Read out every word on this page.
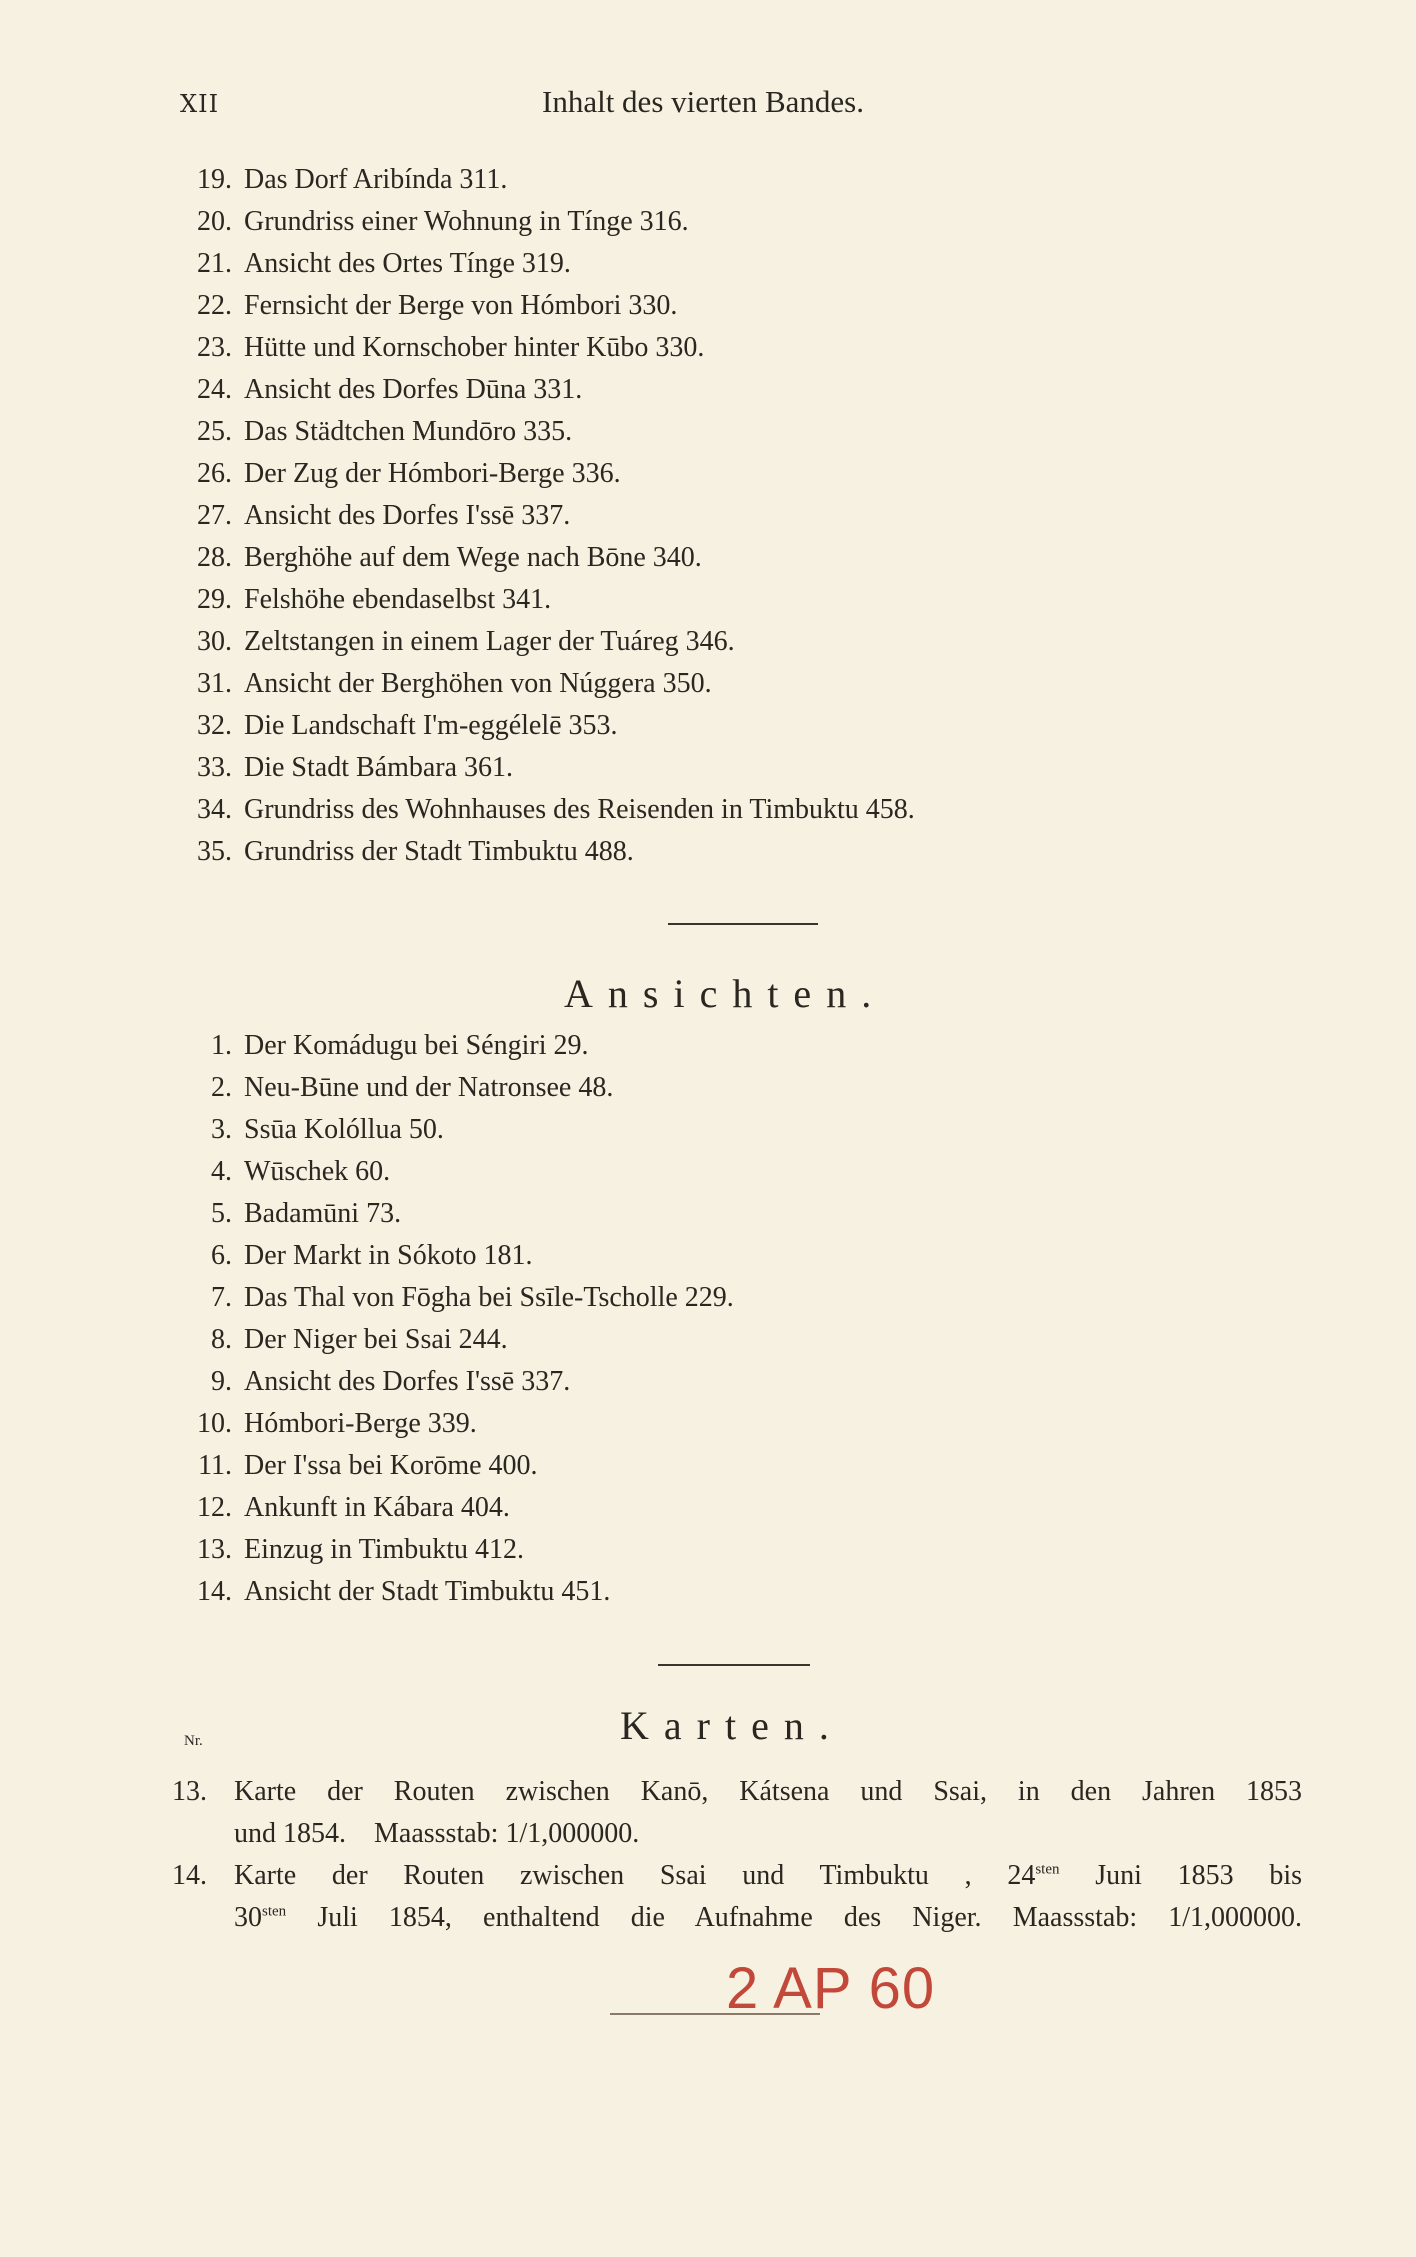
XII	Inhalt des vierten Bandes.
19. Das Dorf Aribínda 311.
20. Grundriss einer Wohnung in Tínge 316.
21. Ansicht des Ortes Tínge 319.
22. Fernsicht der Berge von Hómbori 330.
23. Hütte und Kornschober hinter Kūbo 330.
24. Ansicht des Dorfes Dūna 331.
25. Das Städtchen Mundōro 335.
26. Der Zug der Hómbori-Berge 336.
27. Ansicht des Dorfes I'ssē 337.
28. Berghöhe auf dem Wege nach Bōne 340.
29. Felshöhe ebendaselbst 341.
30. Zeltstangen in einem Lager der Tuáreg 346.
31. Ansicht der Berghöhen von Núggera 350.
32. Die Landschaft I'm-eggélelē 353.
33. Die Stadt Bámbara 361.
34. Grundriss des Wohnhauses des Reisenden in Timbuktu 458.
35. Grundriss der Stadt Timbuktu 488.
Ansichten.
1. Der Komádugu bei Séngiri 29.
2. Neu-Būne und der Natronsee 48.
3. Ssūa Kolóllua 50.
4. Wūschek 60.
5. Badamūni 73.
6. Der Markt in Sókoto 181.
7. Das Thal von Fōgha bei Ssīle-Tscholle 229.
8. Der Niger bei Ssai 244.
9. Ansicht des Dorfes I'ssē 337.
10. Hómbori-Berge 339.
11. Der I'ssa bei Korōme 400.
12. Ankunft in Kábara 404.
13. Einzug in Timbuktu 412.
14. Ansicht der Stadt Timbuktu 451.
Nr.	Karten.
13. Karte der Routen zwischen Kanō, Kátsena und Ssai, in den Jahren 1853
und 1854. Maassstab: 1/1,000000.
14. Karte der Routen zwischen Ssai und Timbuktu , $24^{sten}$ Juni 1853 bis
$30^{sten}$ Juli 1854, enthaltend die Aufnahme des Niger. Maassstab: 1/1,000000.
2 AP 60
